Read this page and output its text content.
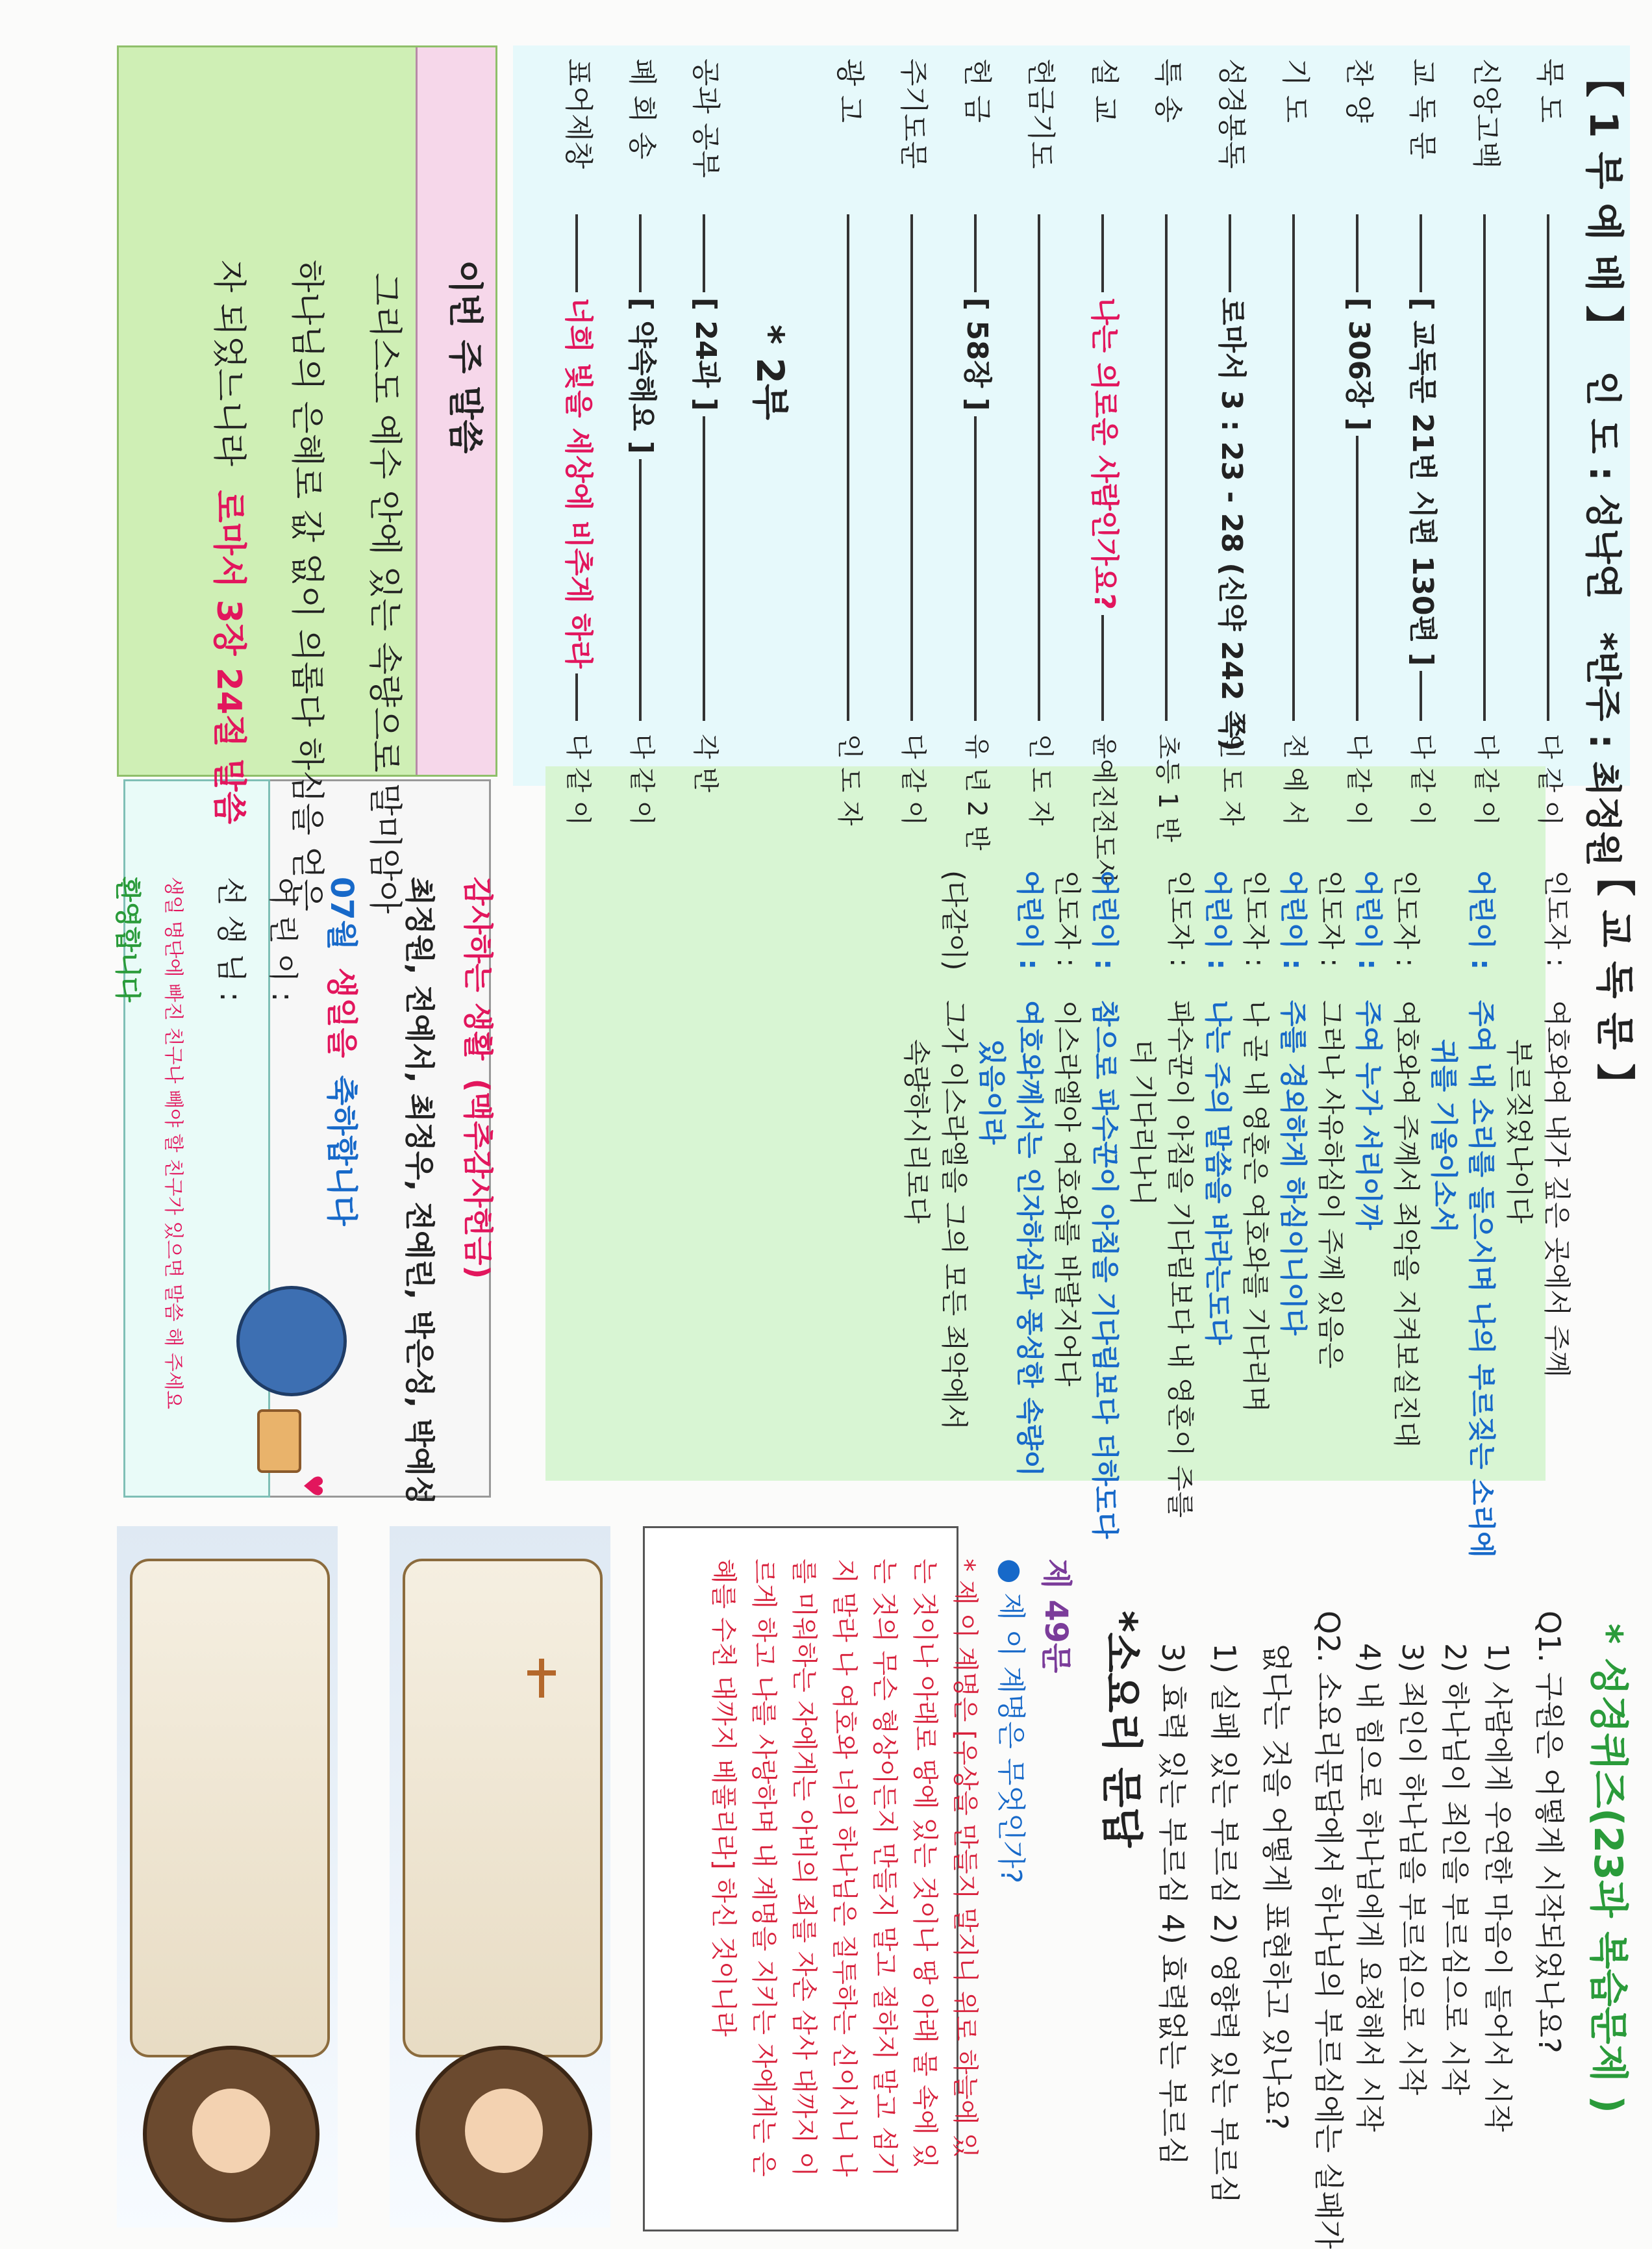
【 1 부 예 배 】 인 도 : 성낙연 *반주 : 최정원
묵 도
다 같 이
신앙고백
다 같 이
교 독 문
[ 교독문 21번 시편 130편 ]
다 같 이
찬 양
[ 306장 ]
다 같 이
기 도
전 예 서
성경봉독
로마서 3 : 23 - 28 (신약 242 쪽)
인 도 자
특 송
초등 1 반
설 교
나는 의로운 사람인가요?
윤예진전도사
헌금기도
인 도 자
헌 금
[ 58장 ]
유 년 2 반
주기도문
다 같 이
광 고
인 도 자
* 2부
공과 공부
[ 24과 ]
각 반
폐 회 송
[ 약속해요 ]
다 같 이
표어제창
너희 빛을 세상에 비추게 하라
다 같 이
이번 주 말씀
그리스도 예수 안에 있는 속량으로 말미암아
하나님의 은혜로 값 없이 의롭다 하심을 얻은
자 되었느니라 로마서 3장 24절 말씀
【 교 독 문 】
인도자 :여호와여 내가 깊은 곳에서 주께
부르짖었나이다
어린이 :주여 내 소리를 들으시며 나의 부르짖는 소리에
귀를 기울이소서
인도자 :여호와여 주께서 죄악을 지켜보실진대
어린이 :주여 누가 서리이까
인도자 :그러나 사유하심이 주께 있음은
어린이 :주를 경외하게 하심이니이다
인도자 :나 곧 내 영혼은 여호와를 기다리며
어린이 :나는 주의 말씀을 바라는도다
인도자 :파수꾼이 아침을 기다림보다 내 영혼이 주를
더 기다리나니
어린이 :참으로 파수꾼이 아침을 기다림보다 더하도다
인도자 :이스라엘아 여호와를 바랄지어다
어린이 :여호와께서는 인자하심과 풍성한 속량이
있음이라
(다같이)그가 이스라엘을 그의 모든 죄악에서
속량하시리로다
감사하는 생활 (맥추감사헌금)
최정원, 전예서, 최정우, 전예린, 박은성, 박예성
07월 생일을 축하합니다
어 린 이 :
선 생 님 :
생일 명단에 빠진 친구나 빼야 할 친구가 있으면 말씀 해 주세요
환영합니다
♥
* 성경퀴즈(23과 복습문제 )
Q1. 구원은 어떻게 시작되었나요?
1) 사람에게 우연한 마음이 들어서 시작
2) 하나님이 죄인을 부르심으로 시작
3) 죄인이 하나님을 부르심으로 시작
4) 내 힘으로 하나님에게 요청해서 시작
Q2. 소요리문답에서 하나님의 부르심에는 실패가
없다는 것을 어떻게 표현하고 있나요?
1) 실패 있는 부르심 2) 영향력 있는 부르심
3) 효력 있는 부르심 4) 효력없는 부르심
*소요리 문답
제 49문
● 제 이 계명은 무엇인가?
* 제 이 계명은 [우상을 만들지 말지니 위로 하늘에 있
는 것이나 아래로 땅에 있는 것이나 땅 아래 물 속에 있
는 것의 무슨 형상이든지 만들지 말고 절하지 말고 섬기
지 말라 나 여호와 너의 하나님은 질투하는 신이시니 나
를 미워하는 자에게는 아비의 죄를 자손 삼사 대까지 이
르게 하고 나를 사랑하며 내 계명을 지키는 자에게는 은
혜를 수천 대까지 베풀리라] 하신 것이니라
